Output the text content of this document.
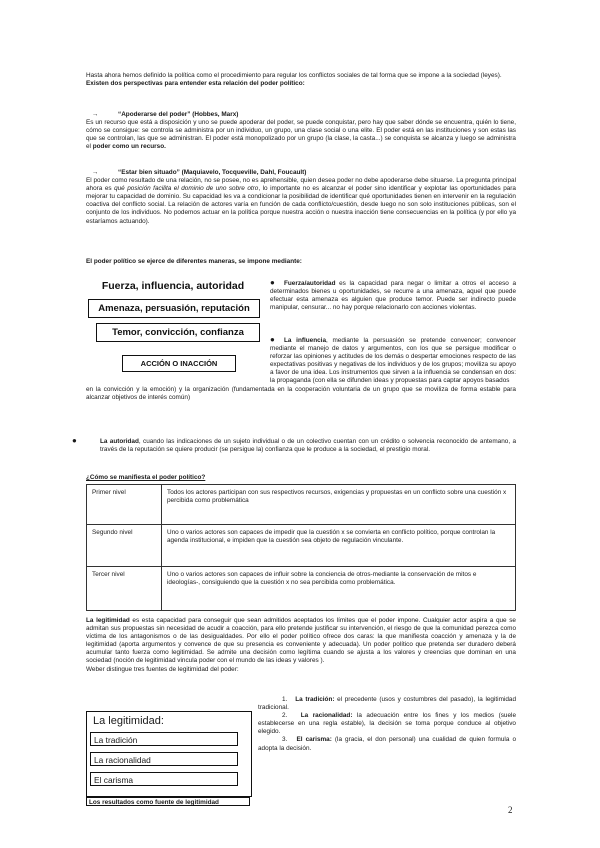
Hasta ahora hemos definido la política como el procedimiento para regular los conflictos sociales de tal forma que se impone a la sociedad (leyes).

Existen dos perspectivas para entender esta relación del poder político:

→	“Apoderarse del poder” (Hobbes, Marx)

Es un recurso que está a disposición y uno se puede apoderar del poder, se puede conquistar, pero hay que saber dónde se encuentra, quién lo tiene, cómo se consigue: se controla se administra por un individuo, un grupo, una clase social o una elite. El poder está en las instituciones y son estas las que se controlan, las que se administran. El poder está monopolizado por un grupo (la clase, la casta...) se conquista se alcanza y luego se administra el poder como un recurso.

→	“Estar bien situado” (Maquiavelo, Tocqueville, Dahl, Foucault)

El poder como resultado de una relación, no se posee, no es aprehensible, quien desea poder no debe apoderarse debe situarse. La pregunta principal ahora es qué posición facilita el dominio de uno sobre otro, lo importante no es alcanzar el poder sino identificar y explotar las oportunidades para mejorar tu capacidad de dominio. Su capacidad les va a condicionar la posibilidad de identificar qué oportunidades tienen en intervenir en la regulación coactiva del conflicto social. La relación de actores varía en función de cada conflicto/cuestión, desde luego no son solo instituciones públicas, son el conjunto de los individuos. No podemos actuar en la política porque nuestra acción o nuestra inacción tiene consecuencias en la política (y por ello ya estaríamos actuando).

El poder político se ejerce de diferentes maneras, se impone mediante:

Fuerza, influencia, autoridad
Amenaza, persuasión, reputación
Temor, convicción, confianza
ACCIÓN O INACCIÓN

● Fuerza/autoridad es la capacidad para negar o limitar a otros el acceso a determinados bienes u oportunidades, se recurre a una amenaza, aquel que puede efectuar esta amenaza es alguien que produce temor. Puede ser indirecto puede manipular, censurar... no hay porque relacionarlo con acciones violentas.

● La influencia, mediante la persuasión se pretende convencer; convencer mediante el manejo de datos y argumentos, con los que se persigue modificar o reforzar las opiniones y actitudes de los demás o despertar emociones respecto de las expectativas positivas y negativas de los individuos y de los grupos; moviliza su apoyo a favor de una idea. Los instrumentos que sirven a la influencia se condensan en dos: la propaganda (con ella se difunden ideas y propuestas para captar apoyos basados

●	La autoridad, cuando las indicaciones de un sujeto individual o de un colectivo cuentan con un crédito o solvencia reconocido de antemano, a través de la reputación se quiere producir (se persigue la) confianza que le produce a la sociedad, el prestigio moral.

¿Cómo se manifiesta el poder político?

Primer nivel	Todos los actores participan con sus respectivos recursos, exigencias y propuestas en un conflicto sobre una cuestión x percibida como problemática
Segundo nivel	Uno o varios actores son capaces de impedir que la cuestión x se convierta en conflicto político, porque controlan la agenda institucional, e impiden que la cuestión sea objeto de regulación vinculante.
Tercer nivel	Uno o varios actores son capaces de influir sobre la conciencia de otros-mediante la conservación de mitos e ideologías-, consiguiendo que la cuestión x no sea percibida como problemática.

La legitimidad es esta capacidad para conseguir que sean admitidos aceptados los límites que el poder impone. Cualquier actor aspira a que se admitan sus propuestas sin necesidad de acudir a coacción, para ello pretende justificar su intervención, el riesgo de que la comunidad perezca como víctima de los antagonismos o de las desigualdades. Por ello el poder político ofrece dos caras: la que manifiesta coacción y amenaza y la de legitimidad (aporta argumentos y convence de que su presencia es conveniente y adecuada). Un poder político que pretenda ser duradero deberá acumular tanto fuerza como legitimidad. Se admite una decisión como legítima cuando se ajusta a los valores y creencias que dominan en una sociedad (noción de legitimidad vincula poder con el mundo de las ideas y valores ).

Weber distingue tres fuentes de legitimidad del poder:

1. La tradición: el precedente (usos y costumbres del pasado), la legitimidad tradicional.

2. La racionalidad: la adecuación entre los fines y los medios (suele establecerse en una regla estable), la decisión se toma porque conduce al objetivo elegido.

3. El carisma: (la gracia, el don personal) una cualidad de quien formula o adopta la decisión.

La legitimidad:
La tradición
La racionalidad
El carisma
Los resultados como fuente de legitimidad
2

en la convicción y la emoción) y la organización (fundamentada en la cooperación voluntaria de un grupo que se moviliza de forma estable para alcanzar objetivos de interés común)
